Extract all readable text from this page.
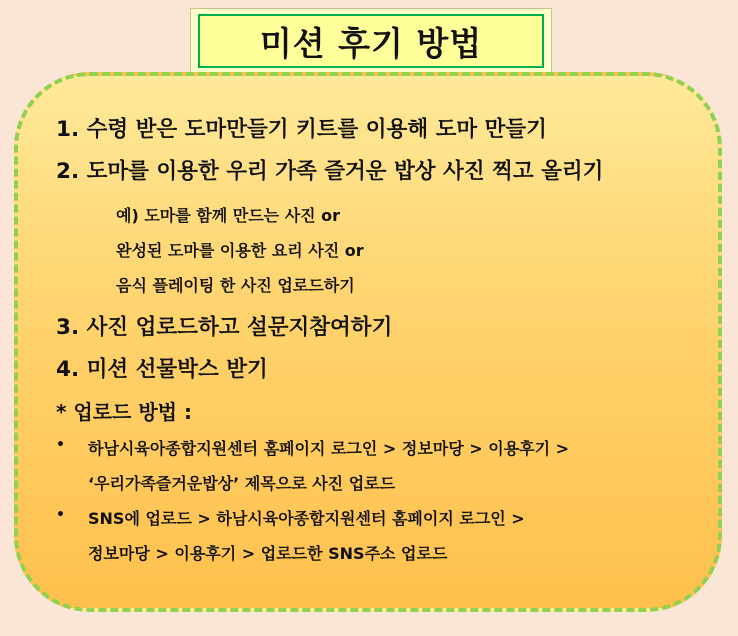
미션 후기 방법
1. 수령 받은 도마만들기 키트를 이용해 도마 만들기
2. 도마를 이용한 우리 가족 즐거운 밥상 사진 찍고 올리기
예) 도마를 함께 만드는 사진 or
완성된 도마를 이용한 요리 사진 or
음식 플레이팅 한 사진 업로드하기
3. 사진 업로드하고 설문지참여하기
4. 미션 선물박스 받기
* 업로드 방법 :
• 하남시육아종합지원센터 홈페이지 로그인 > 정보마당 > 이용후기 >
‘우리가족즐거운밥상’ 제목으로 사진 업로드
• SNS에 업로드 > 하남시육아종합지원센터 홈페이지 로그인 >
정보마당 > 이용후기 > 업로드한 SNS주소 업로드
